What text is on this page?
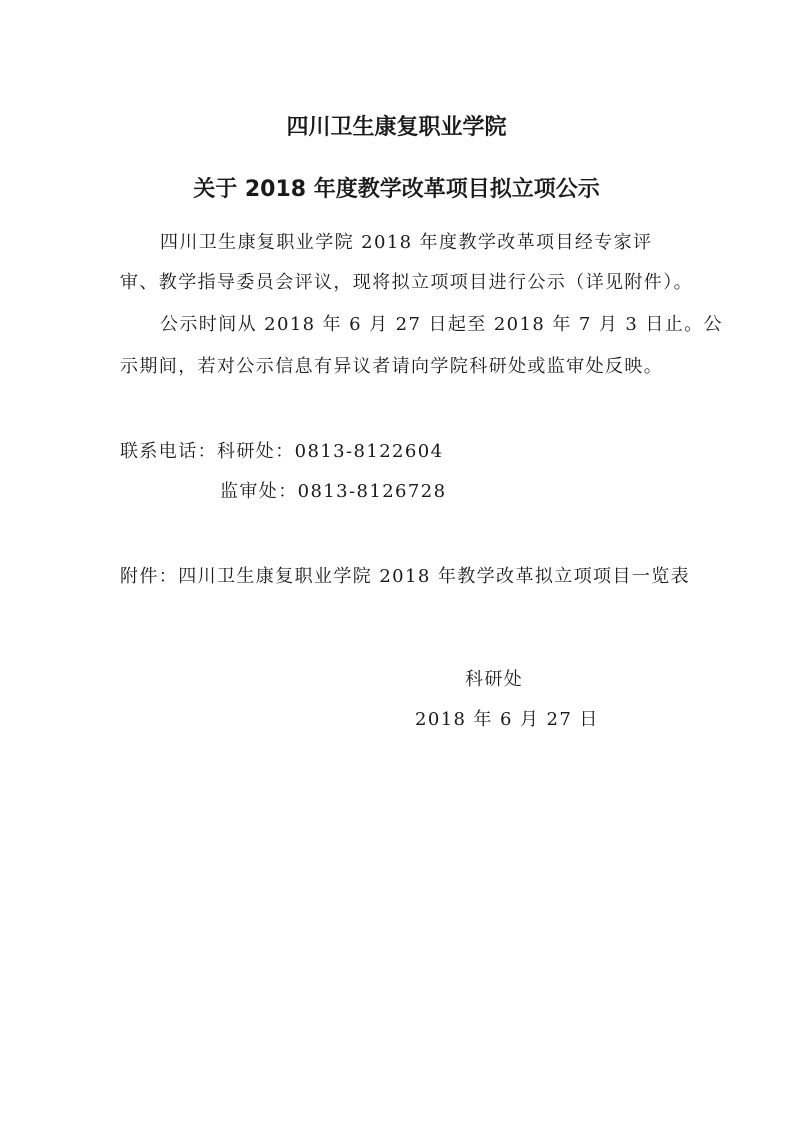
四川卫生康复职业学院
关于 2018 年度教学改革项目拟立项公示
四川卫生康复职业学院 2018 年度教学改革项目经专家评
审、教学指导委员会评议，现将拟立项项目进行公示（详见附件）。
公示时间从 2018 年 6 月 27 日起至 2018 年 7 月 3 日止。公
示期间，若对公示信息有异议者请向学院科研处或监审处反映。
联系电话：科研处：0813-8122604
监审处：0813-8126728
附件：四川卫生康复职业学院 2018 年教学改革拟立项项目一览表
科研处
2018 年 6 月 27 日
